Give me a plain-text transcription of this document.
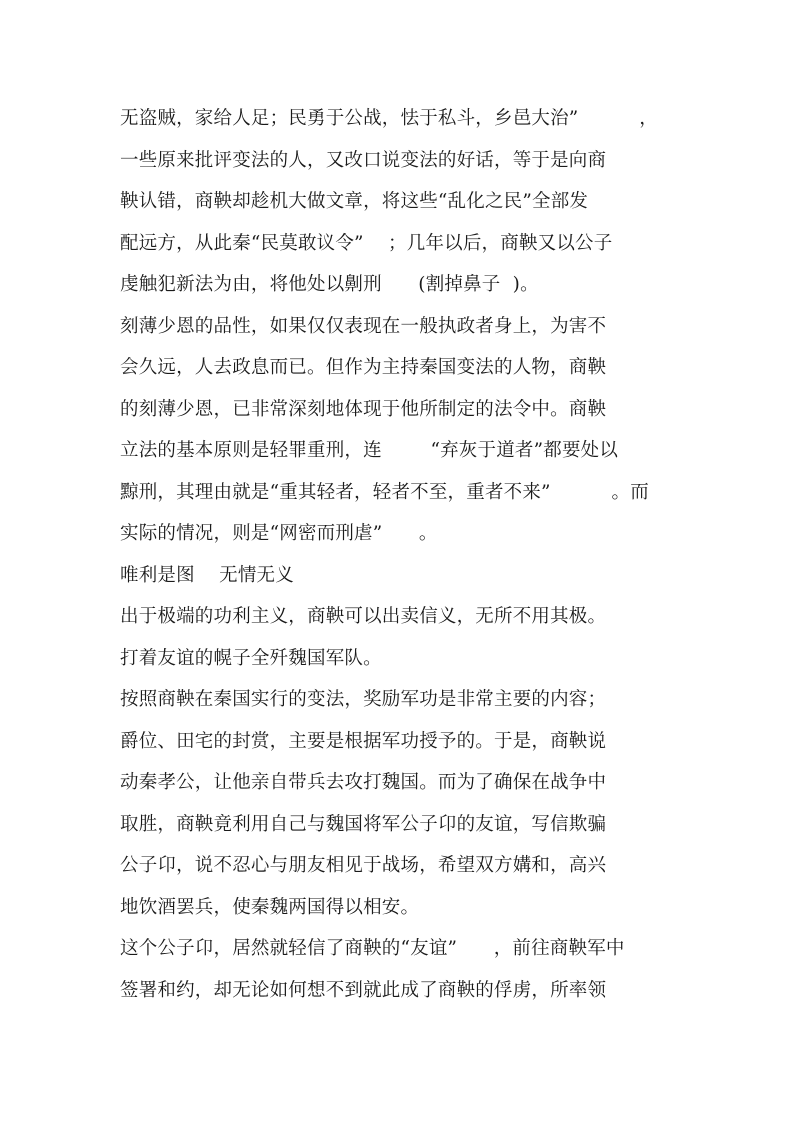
无盗贼，家给人足；民勇于公战，怯于私斗，乡邑大治”          ，
一些原来批评变法的人，又改口说变法的好话，等于是向商
鞅认错，商鞅却趁机大做文章，将这些“乱化之民”全部发
配远方，从此秦“民莫敢议令”    ；几年以后，商鞅又以公子
虔触犯新法为由，将他处以劓刑      (割掉鼻子  )。
刻薄少恩的品性，如果仅仅表现在一般执政者身上，为害不
会久远，人去政息而已。但作为主持秦国变法的人物，商鞅
的刻薄少恩，已非常深刻地体现于他所制定的法令中。商鞅
立法的基本原则是轻罪重刑，连        “弃灰于道者”都要处以
黥刑，其理由就是“重其轻者，轻者不至，重者不来”          。而
实际的情况，则是“网密而刑虐”      。
唯利是图    无情无义
出于极端的功利主义，商鞅可以出卖信义，无所不用其极。
打着友谊的幌子全歼魏国军队。
按照商鞅在秦国实行的变法，奖励军功是非常主要的内容；
爵位、田宅的封赏，主要是根据军功授予的。于是，商鞅说
动秦孝公，让他亲自带兵去攻打魏国。而为了确保在战争中
取胜，商鞅竟利用自己与魏国将军公子卬的友谊，写信欺骗
公子卬，说不忍心与朋友相见于战场，希望双方媾和，高兴
地饮酒罢兵，使秦魏两国得以相安。
这个公子卬，居然就轻信了商鞅的“友谊”      ，前往商鞅军中
签署和约，却无论如何想不到就此成了商鞅的俘虏，所率领
